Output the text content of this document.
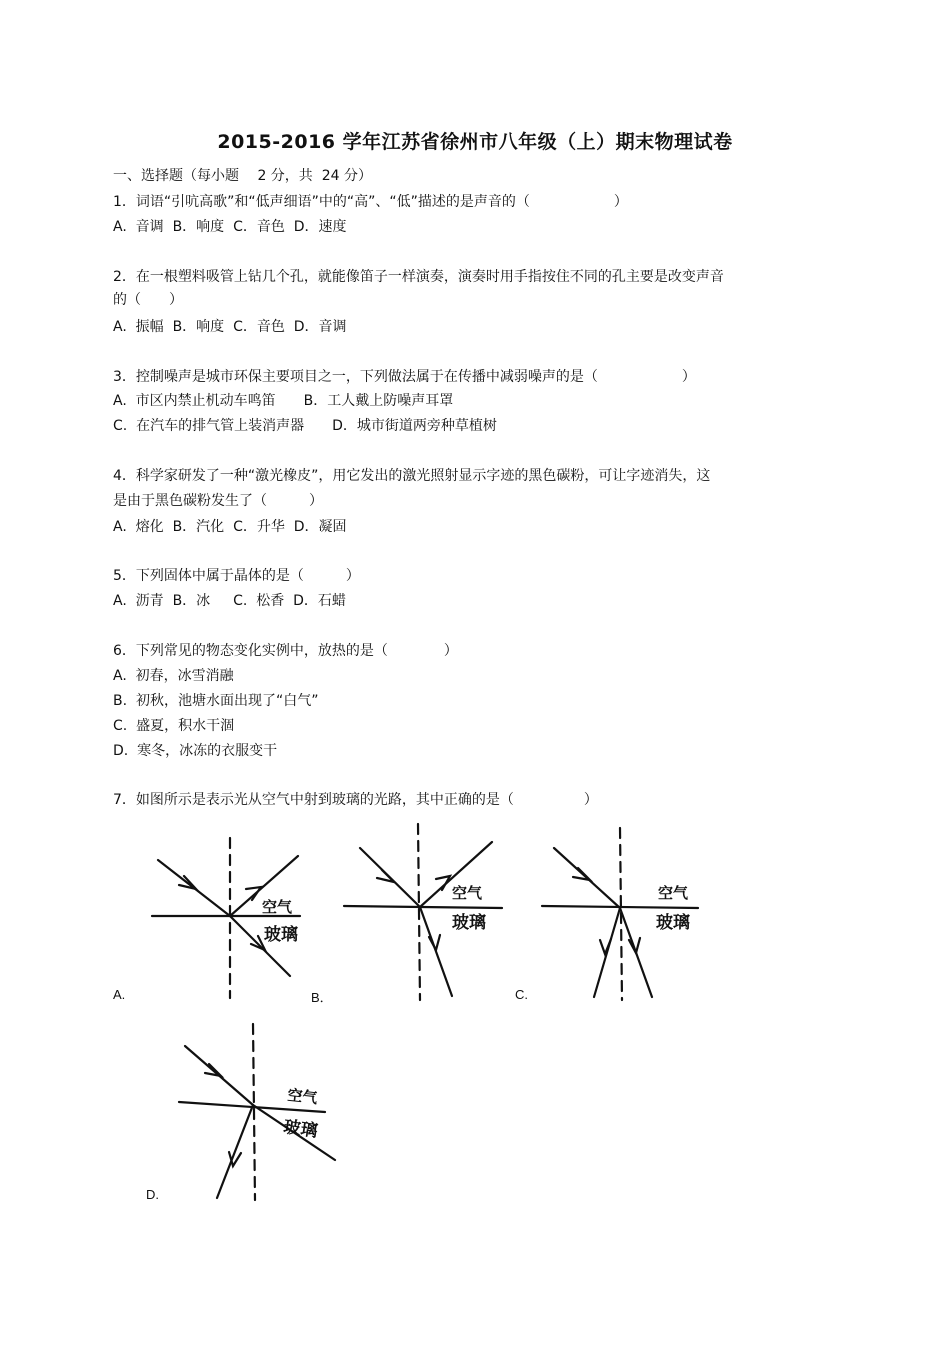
2015-2016 学年江苏省徐州市八年级（上）期末物理试卷
一、选择题（每小题　 2 分，共  24 分）
1．词语“引吭高歌”和“低声细语”中的“高”、“低”描述的是声音的（　　　　　　）
A.  音调  B．响度  C．音色  D．速度
2．在一根塑料吸管上钻几个孔，就能像笛子一样演奏，演奏时用手指按住不同的孔主要是改变声音
的（　　）
A.  振幅  B．响度  C．音色  D．音调
3．控制噪声是城市环保主要项目之一，下列做法属于在传播中减弱噪声的是（　　　　　　）
A.  市区内禁止机动车鸣笛　　B．工人戴上防噪声耳罩
C.  在汽车的排气管上装消声器　　D．城市街道两旁种草植树
4．科学家研发了一种“激光橡皮”，用它发出的激光照射显示字迹的黑色碳粉，可让字迹消失，这
是由于黑色碳粉发生了（　　　）
A.  熔化  B．汽化  C．升华  D．凝固
5．下列固体中属于晶体的是（　　　）
A.  沥青  B．冰　  C.  松香  D．石蜡
6．下列常见的物态变化实例中，放热的是（　　　　）
A.  初春，冰雪消融
B.  初秋，池塘水面出现了“白气”
C.  盛夏，积水干涸
D.  寒冬，冰冻的衣服变干
7．如图所示是表示光从空气中射到玻璃的光路，其中正确的是（　　　　　）
空气
玻璃
A.
空气
玻璃
B．
空气
玻璃
C.
空气
玻璃
D.
